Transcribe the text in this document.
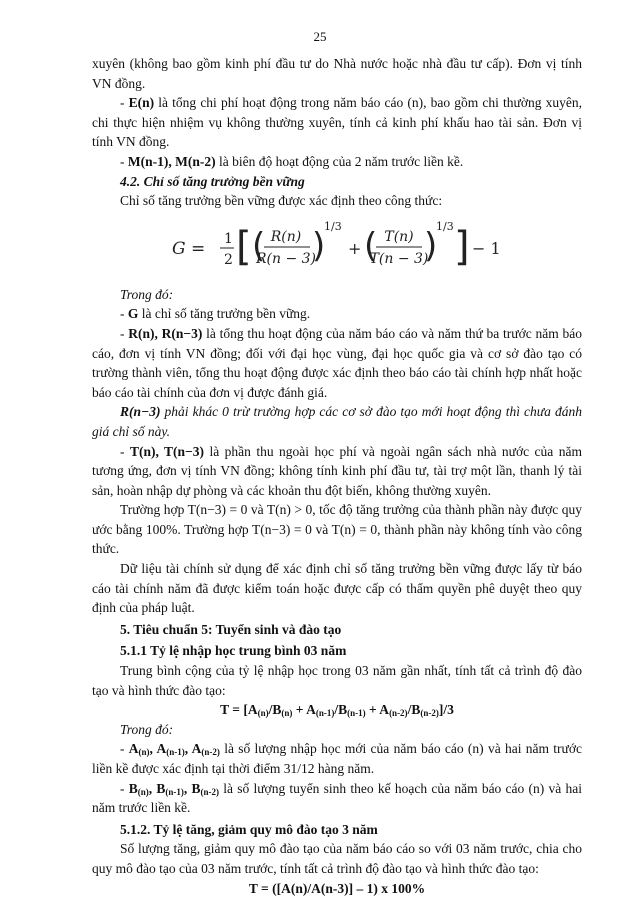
25

xuyên (không bao gồm kinh phí đầu tư do Nhà nước hoặc nhà đầu tư cấp). Đơn vị tính VN đồng.

- E(n) là tổng chi phí hoạt động trong năm báo cáo (n), bao gồm chi thường xuyên, chi thực hiện nhiệm vụ không thường xuyên, tính cả kinh phí khấu hao tài sản. Đơn vị tính VN đồng.

- M(n-1), M(n-2) là biên độ hoạt động của 2 năm trước liền kề.

4.2. Chỉ số tăng trưởng bền vững

Chỉ số tăng trưởng bền vững được xác định theo công thức:

G = 1
2 [ ( R(n)
R(n − 3)
)
1/3
+ ( T(n)
T(n − 3)
)
1/3 ] − 1

Trong đó:

- G là chỉ số tăng trưởng bền vững.

- R(n), R(n−3) là tổng thu hoạt động của năm báo cáo và năm thứ ba trước năm báo cáo, đơn vị tính VN đồng; đối với đại học vùng, đại học quốc gia và cơ sở đào tạo có trường thành viên, tổng thu hoạt động được xác định theo báo cáo tài chính hợp nhất hoặc báo cáo tài chính của đơn vị được đánh giá.

R(n−3) phải khác 0 trừ trường hợp các cơ sở đào tạo mới hoạt động thì chưa đánh giá chỉ số này.

- T(n), T(n−3) là phần thu ngoài học phí và ngoài ngân sách nhà nước của năm tương ứng, đơn vị tính VN đồng; không tính kinh phí đầu tư, tài trợ một lần, thanh lý tài sản, hoàn nhập dự phòng và các khoản thu đột biến, không thường xuyên.

Trường hợp T(n−3) = 0 và T(n) > 0, tốc độ tăng trưởng của thành phần này được quy ước bằng 100%. Trường hợp T(n−3) = 0 và T(n) = 0, thành phần này không tính vào công thức.

Dữ liệu tài chính sử dụng để xác định chỉ số tăng trưởng bền vững được lấy từ báo cáo tài chính năm đã được kiểm toán hoặc được cấp có thẩm quyền phê duyệt theo quy định của pháp luật.

5. Tiêu chuẩn 5: Tuyển sinh và đào tạo

5.1.1 Tỷ lệ nhập học trung bình 03 năm

Trung bình cộng của tỷ lệ nhập học trong 03 năm gần nhất, tính tất cả trình độ đào tạo và hình thức đào tạo:

$T = [A_{(n)}/B_{(n)} + A_{(n-1)}/B_{(n-1)} + A_{(n-2)}/B_{(n-2)}]/3$

Trong đó:

- $A_{(n)}$, $A_{(n-1)}$, $A_{(n-2)}$ là số lượng nhập học mới của năm báo cáo (n) và hai năm trước liền kề được xác định tại thời điểm 31/12 hàng năm.

- $B_{(n)}$, $B_{(n-1)}$, $B_{(n-2)}$ là số lượng tuyển sinh theo kế hoạch của năm báo cáo (n) và hai năm trước liền kề.

5.1.2. Tỷ lệ tăng, giảm quy mô đào tạo 3 năm

Số lượng tăng, giảm quy mô đào tạo của năm báo cáo so với 03 năm trước, chia cho quy mô đào tạo của 03 năm trước, tính tất cả trình độ đào tạo và hình thức đào tạo:

T = ([A(n)/A(n-3)] – 1) x 100%
